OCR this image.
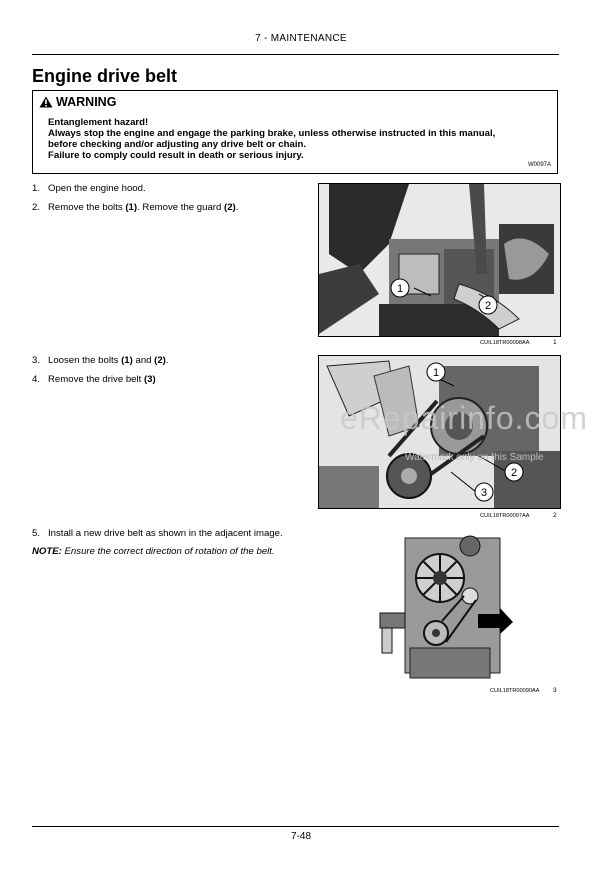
7 - MAINTENANCE
Engine drive belt
WARNING
Entanglement hazard!
Always stop the engine and engage the parking brake, unless otherwise instructed in this manual,
before checking and/or adjusting any drive belt or chain.
Failure to comply could result in death or serious injury.
W0097A
1. Open the engine hood.
2. Remove the bolts (1). Remove the guard (2).
3. Loosen the bolts (1) and (2).
4. Remove the drive belt (3)
5. Install a new drive belt as shown in the adjacent image.
NOTE: Ensure the correct direction of rotation of the belt.
1
2
CUIL18TR00098AA	1
1
2
3
CUIL18TR00097AA	2
CUIL18TR00090AA 3
eRepairinfo.com
Watermark only on this Sample
7-48
